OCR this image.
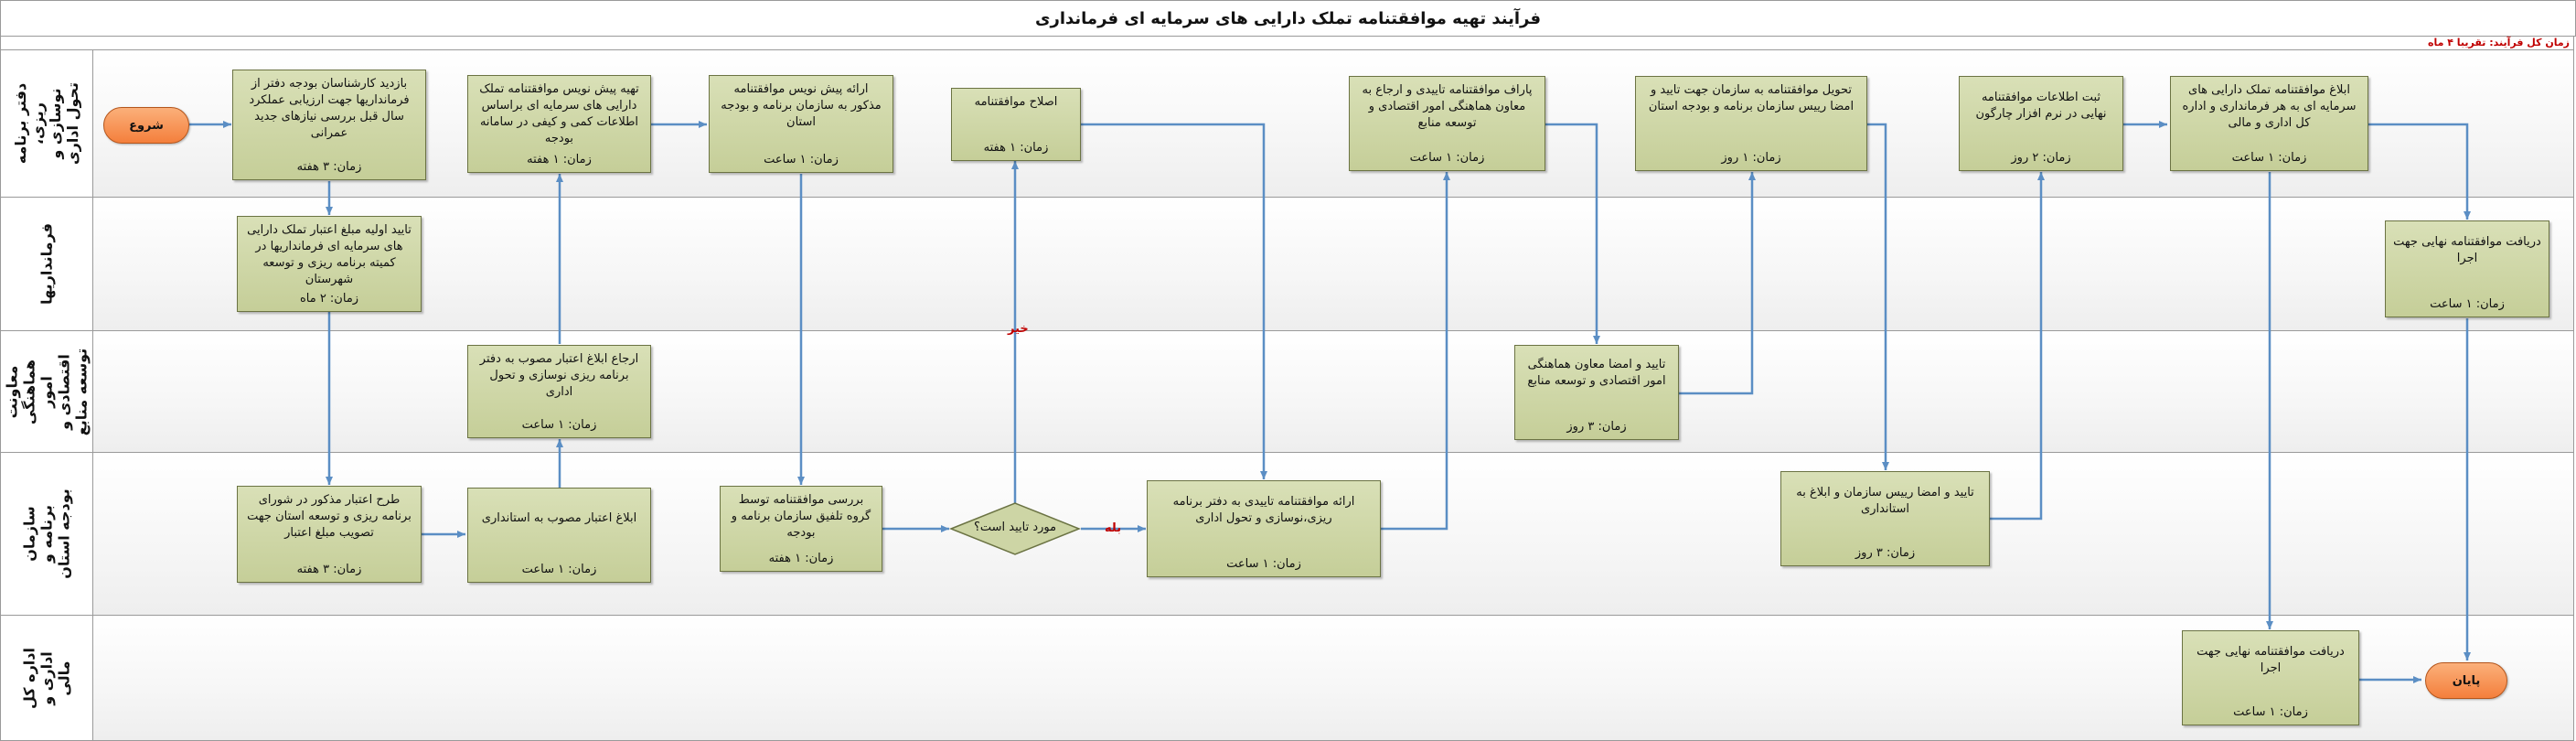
فرآیند تهیه موافقتنامه تملک دارایی های سرمایه ای فرمانداری
زمان کل فرآیند: تقریبا ۴ ماه
دفتر برنامه ریزی، نوسازی و تحول اداری
فرمانداریها
معاونت هماهنگی امور اقتصادی و توسعه منابع
سازمان برنامه و بودجه استان
اداره کل اداری و مالی
شروع
پایان
مورد تایید است؟
خیر
بله
بازدید کارشناسان بودجه دفتر از فرمانداریها جهت ارزیابی عملکرد سال قبل بررسی نیازهای جدید عمرانی
زمان: ۳ هفته
تایید اولیه مبلغ اعتبار تملک دارایی های سرمایه ای فرمانداریها در کمیته برنامه ریزی و توسعه شهرستان
زمان: ۲ ماه
طرح اعتبار مذکور در شورای برنامه ریزی و توسعه استان جهت تصویب مبلغ اعتبار
زمان: ۳ هفته
ابلاغ اعتبار مصوب به استانداری
زمان: ۱ ساعت
ارجاع ابلاغ اعتبار مصوب به دفتر برنامه ریزی نوسازی و تحول اداری
زمان: ۱ ساعت
تهیه پیش نویس موافقتنامه تملک دارایی های سرمایه ای براساس اطلاعات کمی و کیفی در سامانه بودجه
زمان: ۱ هفته
ارائه پیش نویس موافقتنامه مذکور به سازمان برنامه و بودجه استان
زمان: ۱ ساعت
بررسی موافقتنامه توسط گروه تلفیق سازمان برنامه و بودجه
زمان: ۱ هفته
اصلاح موافقتنامه
زمان: ۱ هفته
ارائه موافقتنامه تاییدی به دفتر برنامه ریزی،نوسازی و تحول اداری
زمان: ۱ ساعت
پاراف موافقتنامه تاییدی و ارجاع به معاون هماهنگی امور اقتصادی و توسعه منابع
زمان: ۱ ساعت
تایید و امضا معاون هماهنگی امور اقتصادی و توسعه منابع
زمان: ۳ روز
تحویل موافقتنامه به سازمان جهت تایید و امضا رییس سازمان برنامه و بودجه استان
زمان: ۱ روز
تایید و امضا رییس سازمان و ابلاغ به استانداری
زمان: ۳ روز
ثبت اطلاعات موافقتنامه نهایی در نرم افزار چارگون
زمان: ۲ روز
ابلاغ موافقتنامه تملک دارایی های سرمایه ای به هر فرمانداری و اداره کل اداری و مالی
زمان: ۱ ساعت
دریافت موافقتنامه نهایی جهت اجرا
زمان: ۱ ساعت
دریافت موافقتنامه نهایی جهت اجرا
زمان: ۱ ساعت
